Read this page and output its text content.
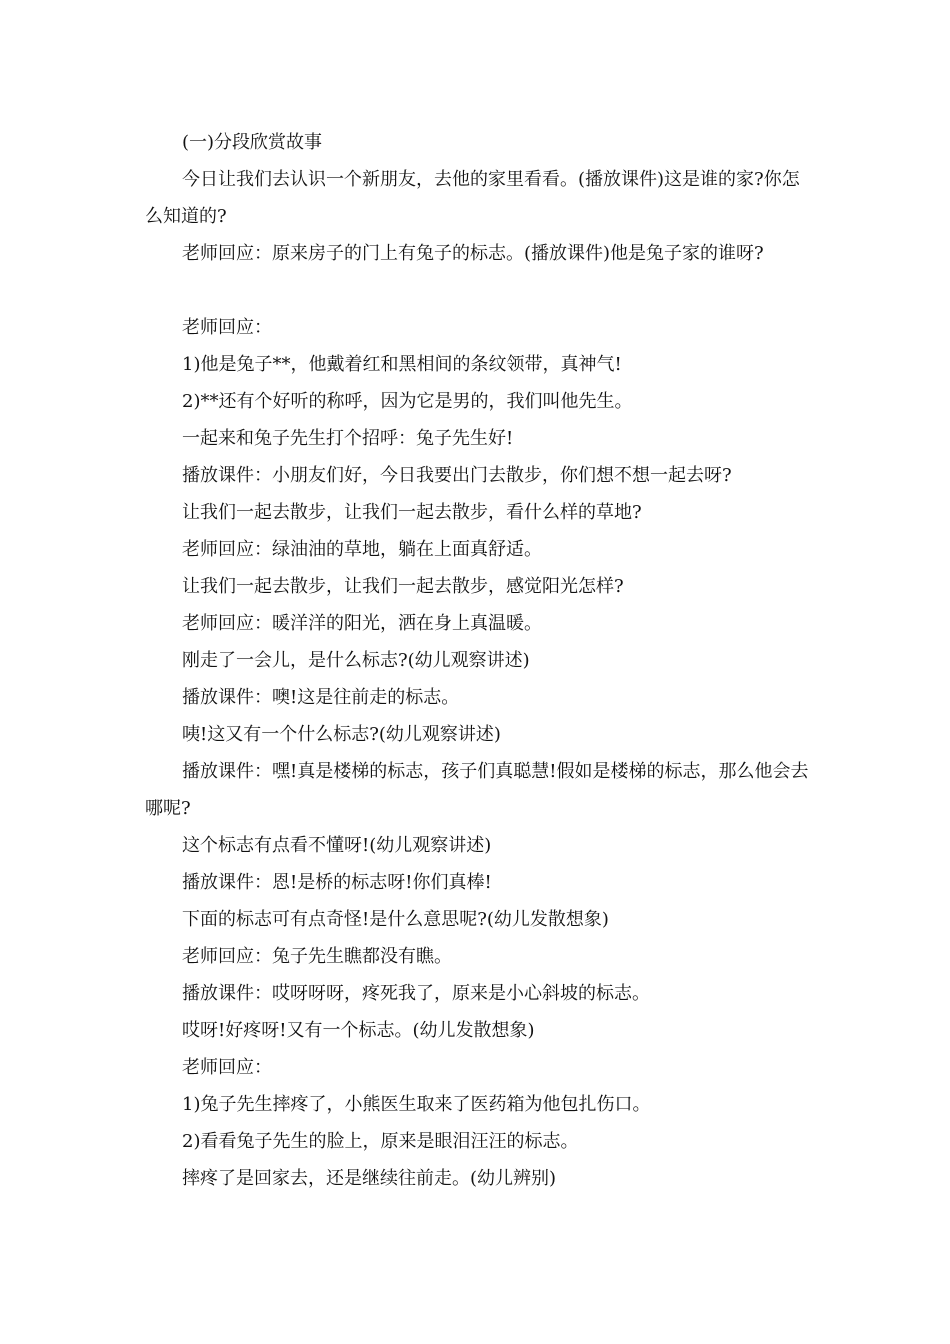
(一)分段欣赏故事

今日让我们去认识一个新朋友，去他的家里看看。(播放课件)这是谁的家?你怎么知道的?

老师回应：原来房子的门上有兔子的标志。(播放课件)他是兔子家的谁呀?

老师回应：

1)他是兔子**，他戴着红和黑相间的条纹领带，真神气!

2)**还有个好听的称呼，因为它是男的，我们叫他先生。

一起来和兔子先生打个招呼：兔子先生好!

播放课件：小朋友们好，今日我要出门去散步，你们想不想一起去呀?

让我们一起去散步，让我们一起去散步，看什么样的草地?

老师回应：绿油油的草地，躺在上面真舒适。

让我们一起去散步，让我们一起去散步，感觉阳光怎样?

老师回应：暖洋洋的阳光，洒在身上真温暖。

刚走了一会儿，是什么标志?(幼儿观察讲述)

播放课件：噢!这是往前走的标志。

咦!这又有一个什么标志?(幼儿观察讲述)

播放课件：嘿!真是楼梯的标志，孩子们真聪慧!假如是楼梯的标志，那么他会去哪呢?

这个标志有点看不懂呀!(幼儿观察讲述)

播放课件：恩!是桥的标志呀!你们真棒!

下面的标志可有点奇怪!是什么意思呢?(幼儿发散想象)

老师回应：兔子先生瞧都没有瞧。

播放课件：哎呀呀呀，疼死我了，原来是小心斜坡的标志。

哎呀!好疼呀!又有一个标志。(幼儿发散想象)

老师回应：

1)兔子先生摔疼了，小熊医生取来了医药箱为他包扎伤口。

2)看看兔子先生的脸上，原来是眼泪汪汪的标志。

摔疼了是回家去，还是继续往前走。(幼儿辨别)
